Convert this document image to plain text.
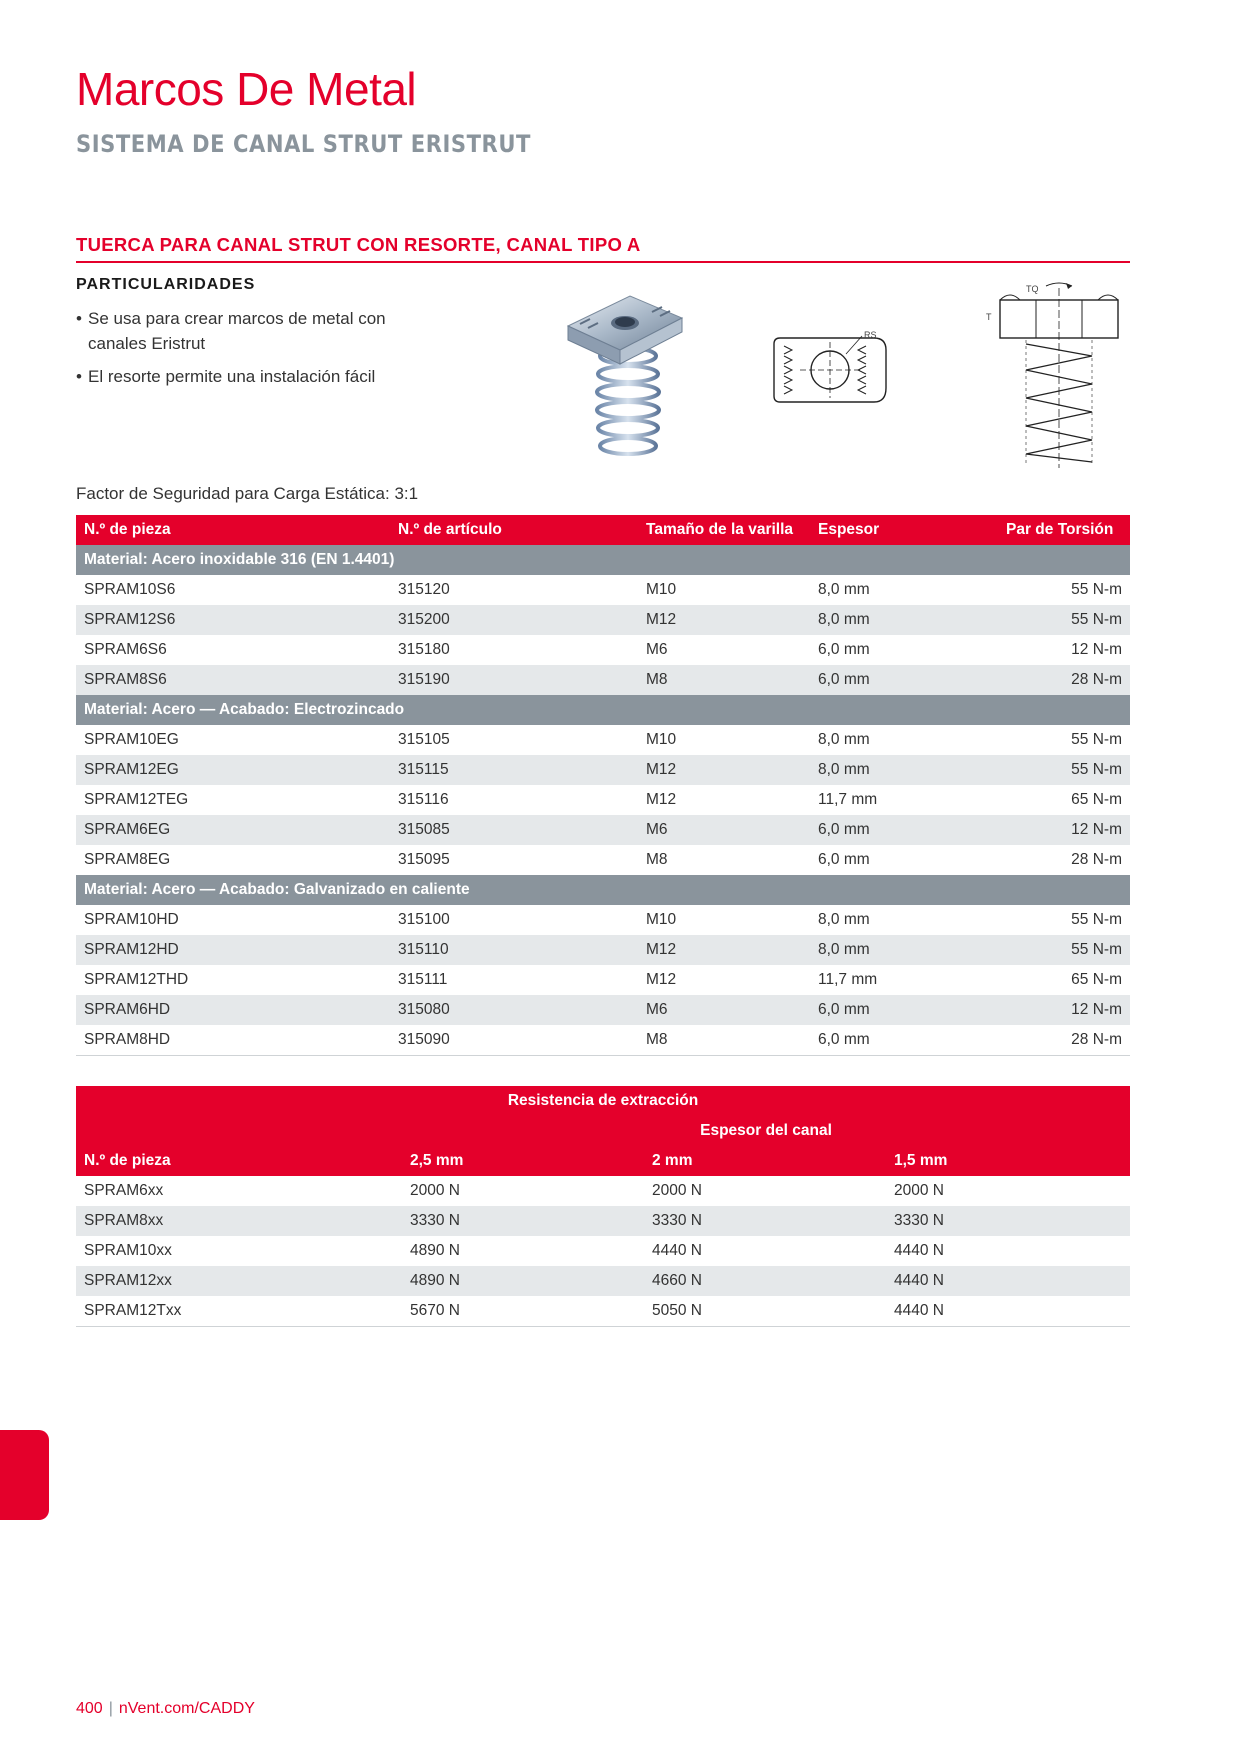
Marcos De Metal
SISTEMA DE CANAL STRUT ERISTRUT
TUERCA PARA CANAL STRUT CON RESORTE, CANAL TIPO A
PARTICULARIDADES
• Se usa para crear marcos de metal con canales Eristrut
• El resorte permite una instalación fácil
RS
TQ
T
Factor de Seguridad para Carga Estática: 3:1
N.º de pieza	N.º de artículo	Tamaño de la varilla	Espesor	Par de Torsión
Material: Acero inoxidable 316 (EN 1.4401)				
SPRAM10S6	315120	M10	8,0 mm	55 N-m
SPRAM12S6	315200	M12	8,0 mm	55 N-m
SPRAM6S6	315180	M6	6,0 mm	12 N-m
SPRAM8S6	315190	M8	6,0 mm	28 N-m
Material: Acero — Acabado: Electrozincado				
SPRAM10EG	315105	M10	8,0 mm	55 N-m
SPRAM12EG	315115	M12	8,0 mm	55 N-m
SPRAM12TEG	315116	M12	11,7 mm	65 N-m
SPRAM6EG	315085	M6	6,0 mm	12 N-m
SPRAM8EG	315095	M8	6,0 mm	28 N-m
Material: Acero — Acabado: Galvanizado en caliente				
SPRAM10HD	315100	M10	8,0 mm	55 N-m
SPRAM12HD	315110	M12	8,0 mm	55 N-m
SPRAM12THD	315111	M12	11,7 mm	65 N-m
SPRAM6HD	315080	M6	6,0 mm	12 N-m
SPRAM8HD	315090	M8	6,0 mm	28 N-m
Resistencia de extracción			
	Espesor del canal		
N.º de pieza	2,5 mm	2 mm	1,5 mm
SPRAM6xx	2000 N	2000 N	2000 N
SPRAM8xx	3330 N	3330 N	3330 N
SPRAM10xx	4890 N	4440 N	4440 N
SPRAM12xx	4890 N	4660 N	4440 N
SPRAM12Txx	5670 N	5050 N	4440 N
400 | nVent.com/CADDY
